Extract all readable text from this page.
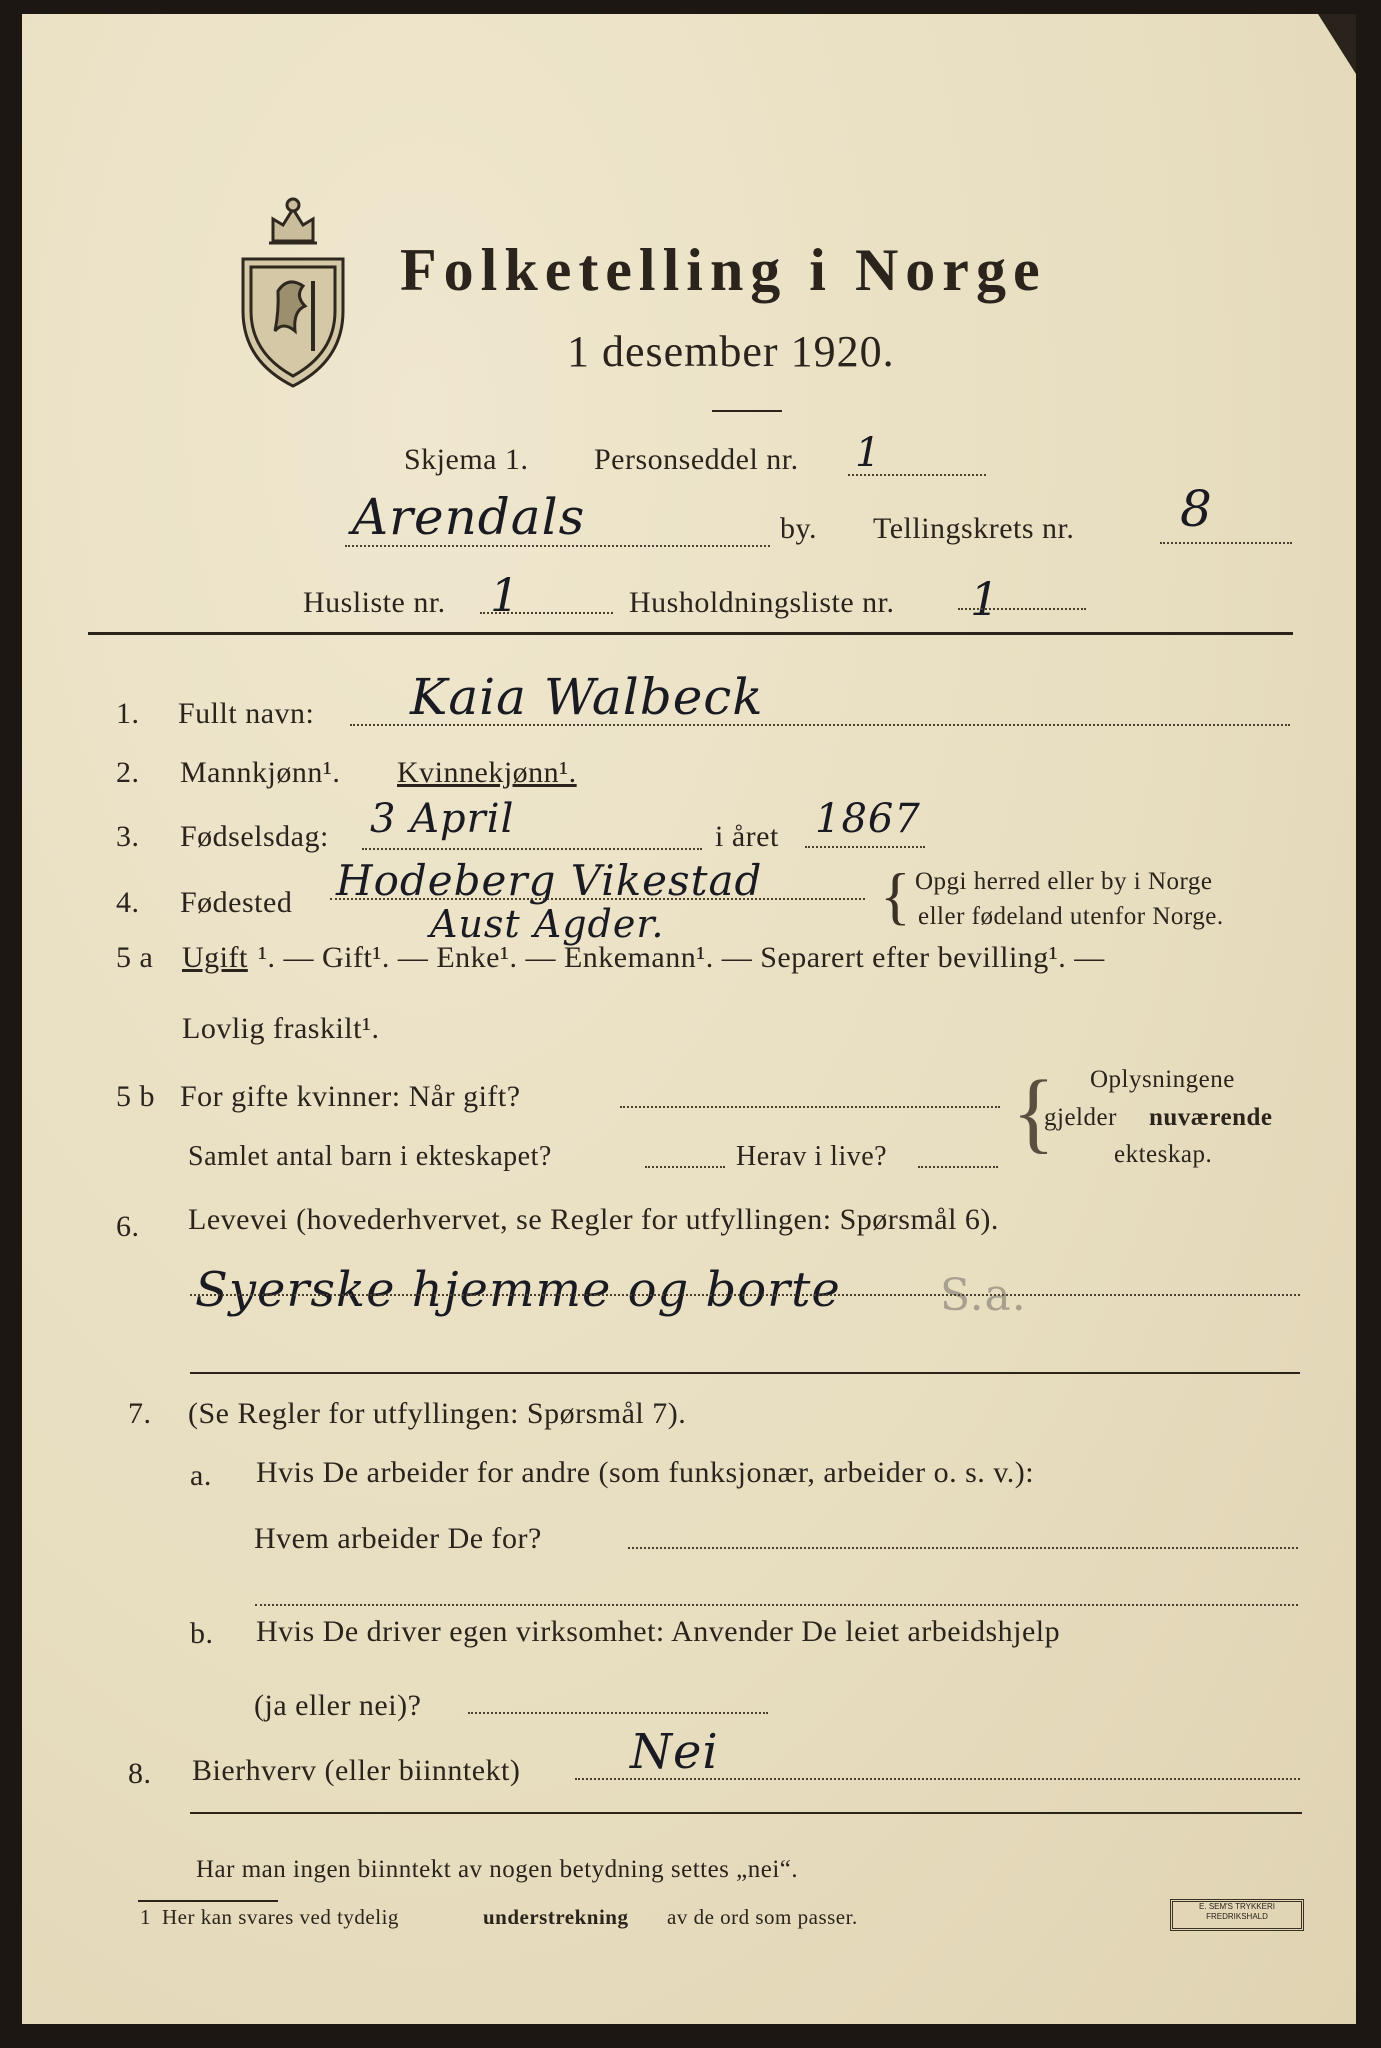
Folketelling i Norge
1 desember 1920.
Skjema 1. Personseddel nr. 1
Arendals	by. Tellingskrets nr. 8
Husliste nr. 1	Husholdningsliste nr. 1
1. Fullt navn: Kaia Walbeck
2. Mannkjønn¹. Kvinnekjønn¹.
3. Fødselsdag: 3 April	i året 1867
4. Fødested Hodeberg Vikestad
Aust Agder.	{ Opgi herred eller by i Norge
eller fødeland utenfor Norge.
5 a Ugift ¹. — Gift¹. — Enke¹. — Enkemann¹. — Separert efter bevilling¹. —
Lovlig fraskilt¹.
5 b For gifte kvinner: Når gift?
Samlet antal barn i ekteskapet?	Herav i live? { Oplysningene
gjelder nuværende
ekteskap.
6. Levevei (hovederhvervet, se Regler for utfyllingen: Spørsmål 6).
Syerske hjemme og borte S.a.
7. (Se Regler for utfyllingen: Spørsmål 7).
a. Hvis De arbeider for andre (som funksjonær, arbeider o. s. v.):
Hvem arbeider De for?
b. Hvis De driver egen virksomhet: Anvender De leiet arbeidshjelp
(ja eller nei)?
8. Bierhverv (eller biinntekt) Nei
Har man ingen biinntekt av nogen betydning settes „nei“.
1 Her kan svares ved tydelig	understrekning av de ord som passer.	E. SEM'S TRYKKERI
FREDRIKSHALD
